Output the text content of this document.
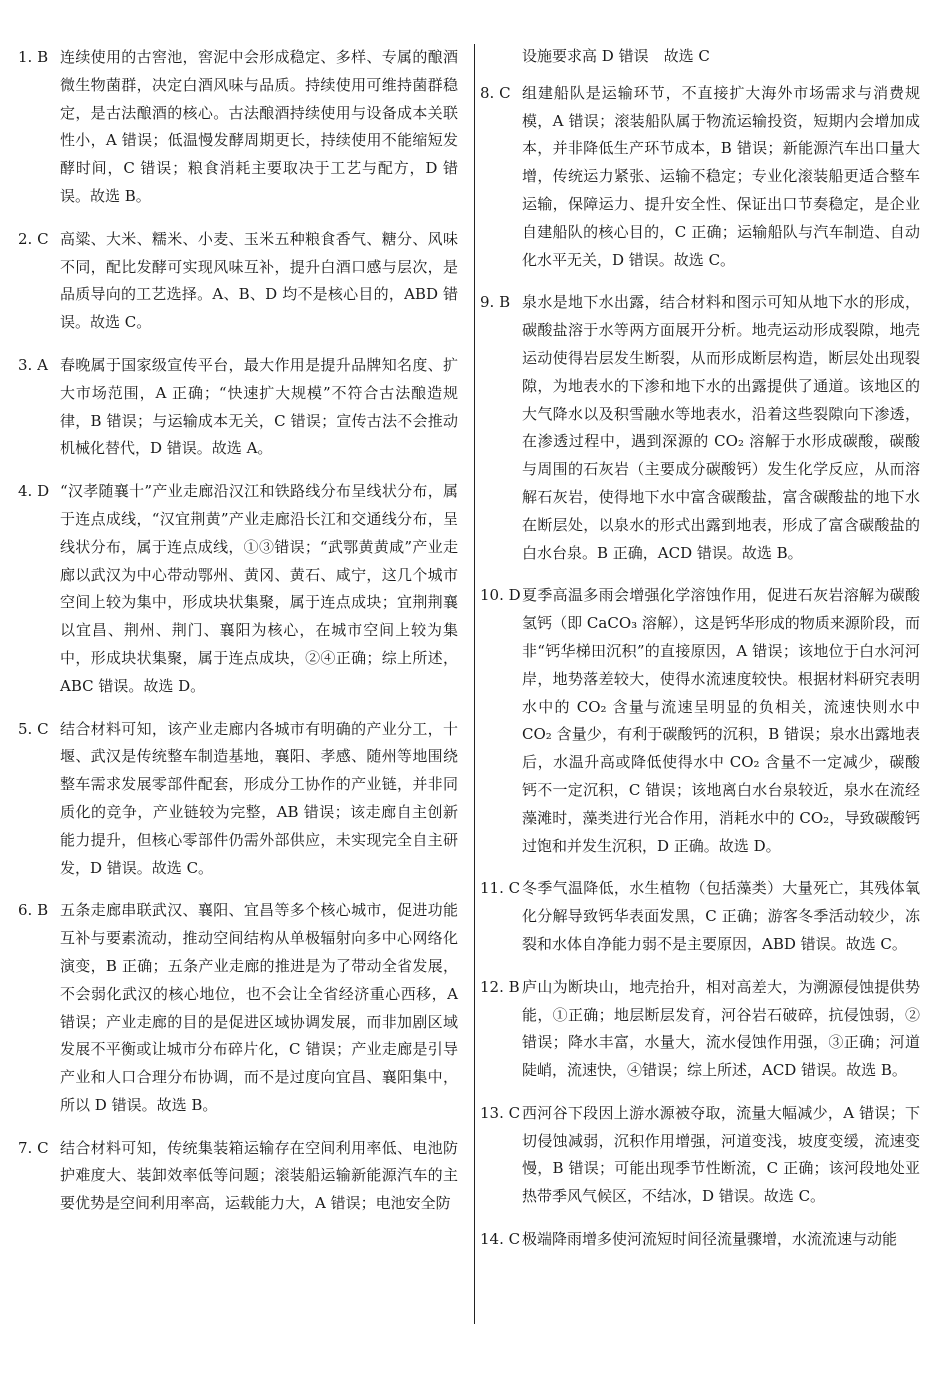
1. B 连续使用的古窖池，窖泥中会形成稳定、多样、专属的酿酒微生物菌群，决定白酒风味与品质。持续使用可维持菌群稳定，是古法酿酒的核心。古法酿酒持续使用与设备成本关联性小，A 错误；低温慢发酵周期更长，持续使用不能缩短发酵时间，C 错误；粮食消耗主要取决于工艺与配方，D 错误。故选 B。
2. C 高粱、大米、糯米、小麦、玉米五种粮食香气、糖分、风味不同，配比发酵可实现风味互补，提升白酒口感与层次，是品质导向的工艺选择。A、B、D 均不是核心目的，ABD 错误。故选 C。
3. A 春晚属于国家级宣传平台，最大作用是提升品牌知名度、扩大市场范围，A 正确；“快速扩大规模”不符合古法酿造规律，B 错误；与运输成本无关，C 错误；宣传古法不会推动机械化替代，D 错误。故选 A。
4. D “汉孝随襄十”产业走廊沿汉江和铁路线分布呈线状分布，属于连点成线，“汉宜荆黄”产业走廊沿长江和交通线分布，呈线状分布，属于连点成线，①③错误；“武鄂黄黄咸”产业走廊以武汉为中心带动鄂州、黄冈、黄石、咸宁，这几个城市空间上较为集中，形成块状集聚，属于连点成块；宜荆荆襄以宜昌、荆州、荆门、襄阳为核心，在城市空间上较为集中，形成块状集聚，属于连点成块，②④正确；综上所述，ABC 错误。故选 D。
5. C 结合材料可知，该产业走廊内各城市有明确的产业分工，十堰、武汉是传统整车制造基地，襄阳、孝感、随州等地围绕整车需求发展零部件配套，形成分工协作的产业链，并非同质化的竞争，产业链较为完整，AB 错误；该走廊自主创新能力提升，但核心零部件仍需外部供应，未实现完全自主研发，D 错误。故选 C。
6. B 五条走廊串联武汉、襄阳、宜昌等多个核心城市，促进功能互补与要素流动，推动空间结构从单极辐射向多中心网络化演变，B 正确；五条产业走廊的推进是为了带动全省发展，不会弱化武汉的核心地位，也不会让全省经济重心西移，A 错误；产业走廊的目的是促进区域协调发展，而非加剧区域发展不平衡或让城市分布碎片化，C 错误；产业走廊是引导产业和人口合理分布协调，而不是过度向宜昌、襄阳集中，所以 D 错误。故选 B。
7. C 结合材料可知，传统集装箱运输存在空间利用率低、电池防护难度大、装卸效率低等问题；滚装船运输新能源汽车的主要优势是空间利用率高，运载能力大，A 错误；电池安全防
设施要求高 D 错误　故选 C
8. C 组建船队是运输环节，不直接扩大海外市场需求与消费规模，A 错误；滚装船队属于物流运输投资，短期内会增加成本，并非降低生产环节成本，B 错误；新能源汽车出口量大增，传统运力紧张、运输不稳定；专业化滚装船更适合整车运输，保障运力、提升安全性、保证出口节奏稳定，是企业自建船队的核心目的，C 正确；运输船队与汽车制造、自动化水平无关，D 错误。故选 C。
9. B 泉水是地下水出露，结合材料和图示可知从地下水的形成，碳酸盐溶于水等两方面展开分析。地壳运动形成裂隙，地壳运动使得岩层发生断裂，从而形成断层构造，断层处出现裂隙，为地表水的下渗和地下水的出露提供了通道。该地区的大气降水以及积雪融水等地表水，沿着这些裂隙向下渗透，在渗透过程中，遇到深源的 CO₂ 溶解于水形成碳酸，碳酸与周围的石灰岩（主要成分碳酸钙）发生化学反应，从而溶解石灰岩，使得地下水中富含碳酸盐，富含碳酸盐的地下水在断层处，以泉水的形式出露到地表，形成了富含碳酸盐的白水台泉。B 正确，ACD 错误。故选 B。
10. D 夏季高温多雨会增强化学溶蚀作用，促进石灰岩溶解为碳酸氢钙（即 CaCO₃ 溶解），这是钙华形成的物质来源阶段，而非“钙华梯田沉积”的直接原因，A 错误；该地位于白水河河岸，地势落差较大，使得水流速度较快。根据材料研究表明水中的 CO₂ 含量与流速呈明显的负相关，流速快则水中 CO₂ 含量少，有利于碳酸钙的沉积，B 错误；泉水出露地表后，水温升高或降低使得水中 CO₂ 含量不一定减少，碳酸钙不一定沉积，C 错误；该地离白水台泉较近，泉水在流经藻滩时，藻类进行光合作用，消耗水中的 CO₂，导致碳酸钙过饱和并发生沉积，D 正确。故选 D。
11. C 冬季气温降低，水生植物（包括藻类）大量死亡，其残体氧化分解导致钙华表面发黑，C 正确；游客冬季活动较少，冻裂和水体自净能力弱不是主要原因，ABD 错误。故选 C。
12. B 庐山为断块山，地壳抬升，相对高差大，为溯源侵蚀提供势能，①正确；地层断层发育，河谷岩石破碎，抗侵蚀弱，②错误；降水丰富，水量大，流水侵蚀作用强，③正确；河道陡峭，流速快，④错误；综上所述，ACD 错误。故选 B。
13. C 西河谷下段因上游水源被夺取，流量大幅减少，A 错误；下切侵蚀减弱，沉积作用增强，河道变浅，坡度变缓，流速变慢，B 错误；可能出现季节性断流，C 正确；该河段地处亚热带季风气候区，不结冰，D 错误。故选 C。
14. C 极端降雨增多使河流短时间径流量骤增，水流流速与动能
